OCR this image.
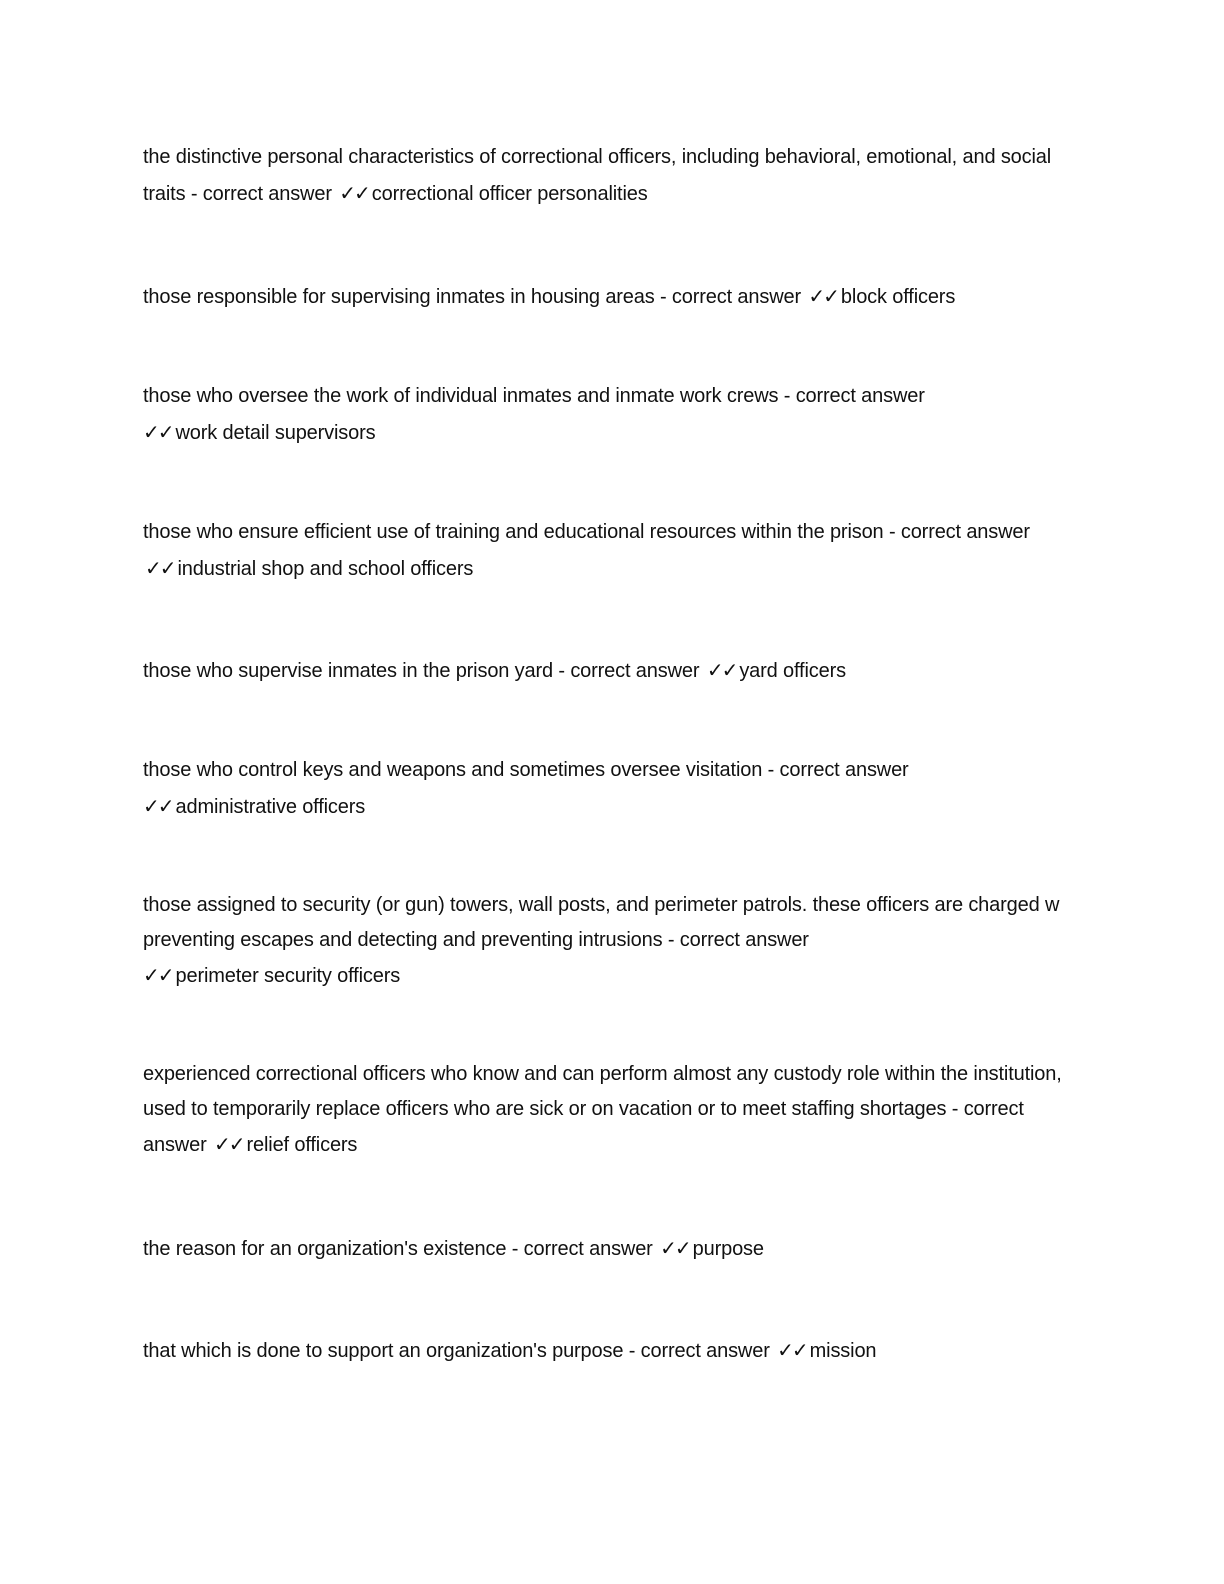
the distinctive personal characteristics of correctional officers, including behavioral, emotional, and social traits - correct answer ✓✓ correctional officer personalities
those responsible for supervising inmates in housing areas - correct answer ✓✓ block officers
those who oversee the work of individual inmates and inmate work crews - correct answer
✓✓ work detail supervisors
those who ensure efficient use of training and educational resources within the prison - correct answer ✓✓ industrial shop and school officers
those who supervise inmates in the prison yard - correct answer ✓✓ yard officers
those who control keys and weapons and sometimes oversee visitation - correct answer
✓✓ administrative officers
those assigned to security (or gun) towers, wall posts, and perimeter patrols. these officers are charged w preventing escapes and detecting and preventing intrusions - correct answer
✓✓ perimeter security officers
experienced correctional officers who know and can perform almost any custody role within the institution, used to temporarily replace officers who are sick or on vacation or to meet staffing shortages - correct answer ✓✓ relief officers
the reason for an organization's existence - correct answer ✓✓ purpose
that which is done to support an organization's purpose - correct answer ✓✓ mission
